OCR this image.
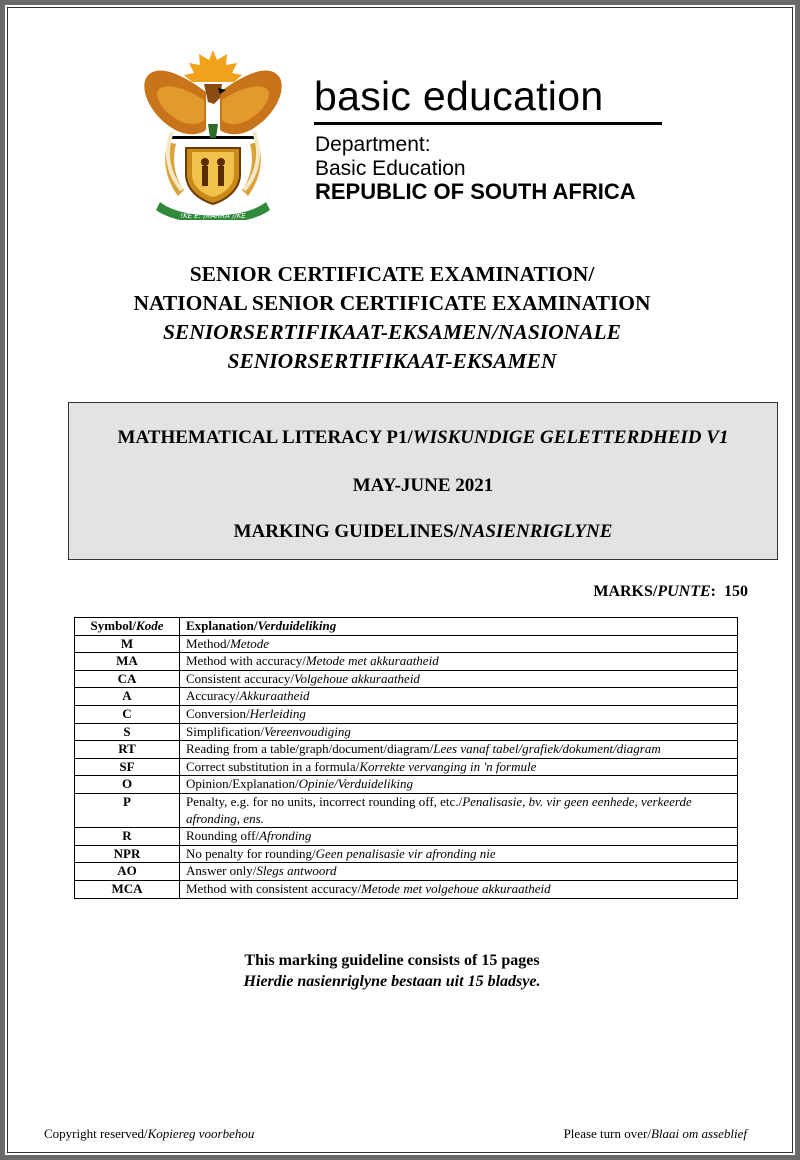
!KE E: /XARRA //KE
basic education
Department:
Basic Education
REPUBLIC OF SOUTH AFRICA
SENIOR CERTIFICATE EXAMINATION/
NATIONAL SENIOR CERTIFICATE EXAMINATION
SENIORSERTIFIKAAT-EKSAMEN/NASIONALE
SENIORSERTIFIKAAT-EKSAMEN
MATHEMATICAL LITERACY P1/WISKUNDIGE GELETTERDHEID V1
MAY-JUNE 2021
MARKING GUIDELINES/NASIENRIGLYNE
MARKS/PUNTE:  150
Symbol/Kode	Explanation/Verduideliking
M	Method/Metode
MA	Method with accuracy/Metode met akkuraatheid
CA	Consistent accuracy/Volgehoue akkuraatheid
A	Accuracy/Akkuraatheid
C	Conversion/Herleiding
S	Simplification/Vereenvoudiging
RT	Reading from a table/graph/document/diagram/Lees vanaf tabel/grafiek/dokument/diagram
SF	Correct substitution in a formula/Korrekte vervanging in 'n formule
O	Opinion/Explanation/Opinie/Verduideliking
P	Penalty, e.g. for no units, incorrect rounding off, etc./Penalisasie, bv. vir geen eenhede, verkeerde afronding, ens.
R	Rounding off/Afronding
NPR	No penalty for rounding/Geen penalisasie vir afronding nie
AO	Answer only/Slegs antwoord
MCA	Method with consistent accuracy/Metode met volgehoue akkuraatheid
This marking guideline consists of 15 pages
Hierdie nasienriglyne bestaan uit 15 bladsye.
Copyright reserved/Kopiereg voorbehou	Please turn over/Blaai om asseblief
